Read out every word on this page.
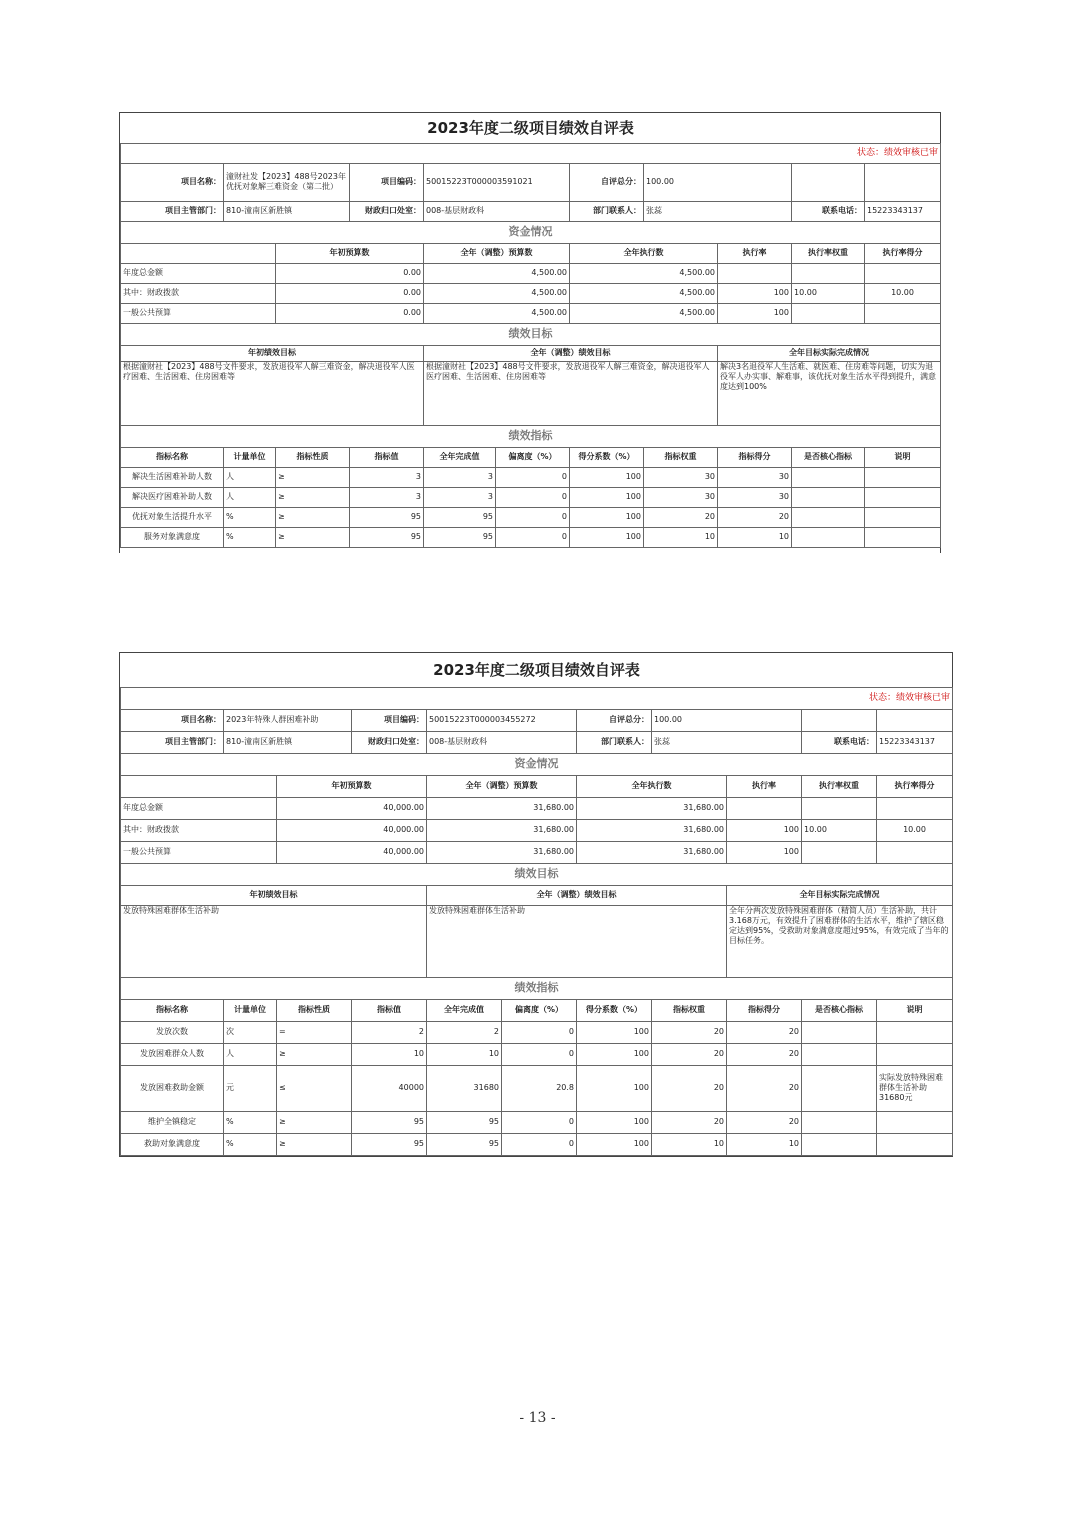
2023年度二级项目绩效自评表										
状态：绩效审核已审										
项目名称：	潼财社发【2023】488号2023年优抚对象解三难资金（第二批）		项目编码：	50015223T000003591021		自评总分：	100.00			
项目主管部门：	810-潼南区新胜镇		财政归口处室：	008-基层财政科		部门联系人：	张蕊		联系电话：	15223343137
资金情况										
		年初预算数		全年（调整）预算数		全年执行数		执行率	执行率权重	执行率得分
年度总金额		0.00		4,500.00		4,500.00				
其中：财政拨款		0.00		4,500.00		4,500.00		100	10.00	10.00
一般公共预算		0.00		4,500.00		4,500.00		100		
绩效目标										
年初绩效目标				全年（调整）绩效目标				全年目标实际完成情况		
根据潼财社【2023】488号文件要求，发放退役军人解三难资金，解决退役军人医疗困难、生活困难、住房困难等				根据潼财社【2023】488号文件要求，发放退役军人解三难资金，解决退役军人医疗困难、生活困难、住房困难等				解决3名退役军人生活难、就医难、住房难等问题，切实为退役军人办实事、解难事，该优抚对象生活水平得到提升，满意度达到100%		
绩效指标										
指标名称	计量单位	指标性质	指标值	全年完成值	偏离度（%）	得分系数（%）	指标权重	指标得分	是否核心指标	说明
解决生活困难补助人数	人	≥	3	3	0	100	30	30		
解决医疗困难补助人数	人	≥	3	3	0	100	30	30		
优抚对象生活提升水平	%	≥	95	95	0	100	20	20		
服务对象满意度	%	≥	95	95	0	100	10	10		
2023年度二级项目绩效自评表										
状态：绩效审核已审										
项目名称：	2023年特殊人群困难补助		项目编码：	50015223T000003455272		自评总分：	100.00			
项目主管部门：	810-潼南区新胜镇		财政归口处室：	008-基层财政科		部门联系人：	张蕊		联系电话：	15223343137
资金情况										
		年初预算数		全年（调整）预算数		全年执行数		执行率	执行率权重	执行率得分
年度总金额		40,000.00		31,680.00		31,680.00				
其中：财政拨款		40,000.00		31,680.00		31,680.00		100	10.00	10.00
一般公共预算		40,000.00		31,680.00		31,680.00		100		
绩效目标										
年初绩效目标				全年（调整）绩效目标				全年目标实际完成情况		
发放特殊困难群体生活补助				发放特殊困难群体生活补助				全年分两次发放特殊困难群体（精简人员）生活补助，共计3.168万元，有效提升了困难群体的生活水平，维护了辖区稳定达到95%，受救助对象满意度超过95%，有效完成了当年的目标任务。		
绩效指标										
指标名称	计量单位	指标性质	指标值	全年完成值	偏离度（%）	得分系数（%）	指标权重	指标得分	是否核心指标	说明
发放次数	次	=	2	2	0	100	20	20		
发放困难群众人数	人	≥	10	10	0	100	20	20		
发放困难救助金额	元	≤	40000	31680	20.8	100	20	20		实际发放特殊困难群体生活补助31680元
维护全镇稳定	%	≥	95	95	0	100	20	20		
救助对象满意度	%	≥	95	95	0	100	10	10		
- 13 -
